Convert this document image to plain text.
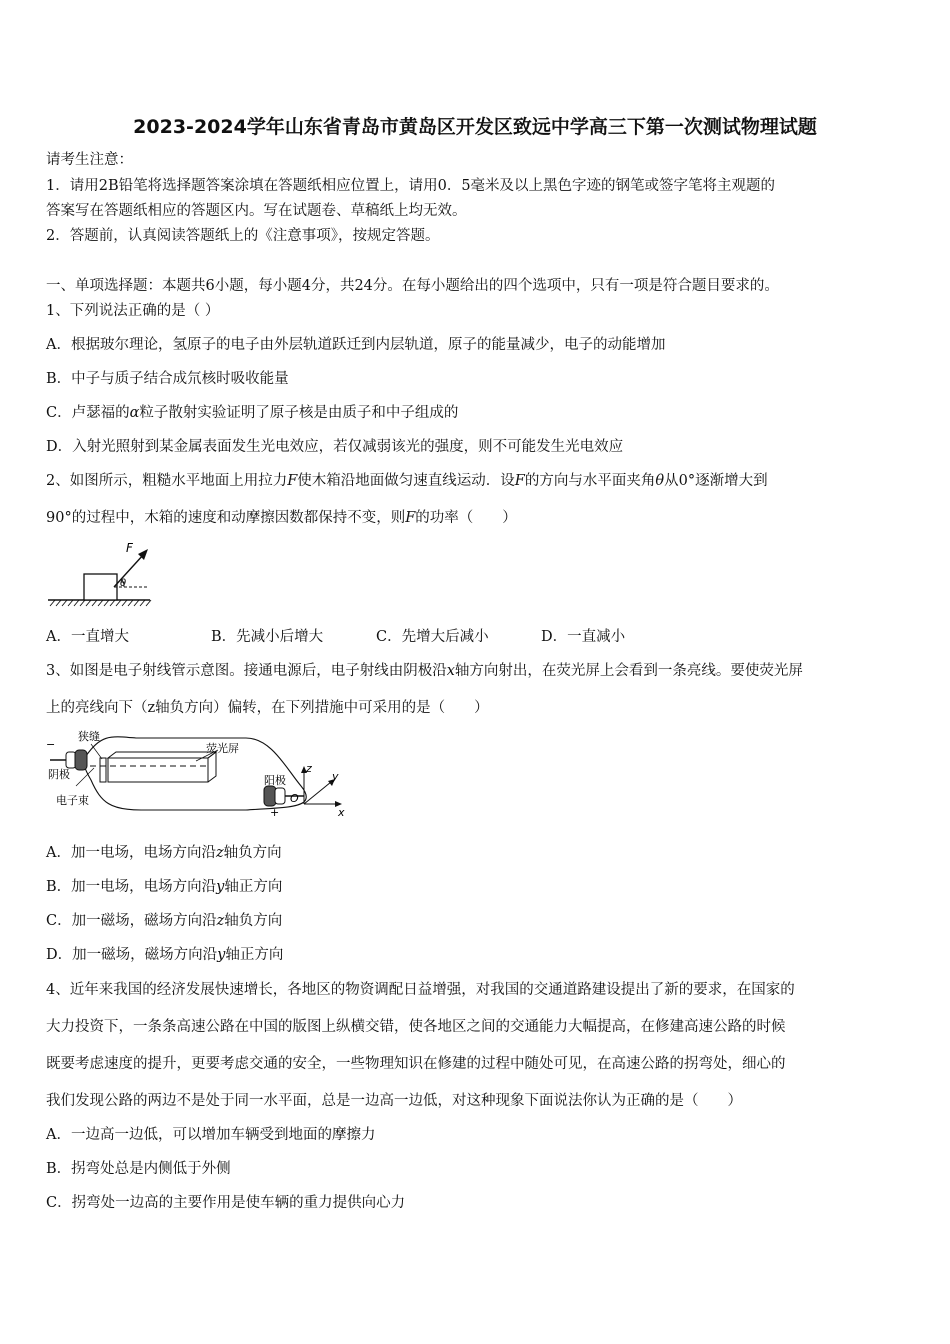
2023-2024学年山东省青岛市黄岛区开发区致远中学高三下第一次测试物理试题
请考生注意：
1．请用2B铅笔将选择题答案涂填在答题纸相应位置上，请用0．5毫米及以上黑色字迹的钢笔或签字笔将主观题的
答案写在答题纸相应的答题区内。写在试题卷、草稿纸上均无效。
2．答题前，认真阅读答题纸上的《注意事项》，按规定答题。
一、单项选择题：本题共6小题，每小题4分，共24分。在每小题给出的四个选项中，只有一项是符合题目要求的。
1、下列说法正确的是（ ）
A．根据玻尔理论，氢原子的电子由外层轨道跃迁到内层轨道，原子的能量减少，电子的动能增加
B．中子与质子结合成氘核时吸收能量
C．卢瑟福的α粒子散射实验证明了原子核是由质子和中子组成的
D．入射光照射到某金属表面发生光电效应，若仅减弱该光的强度，则不可能发生光电效应
2、如图所示，粗糙水平地面上用拉力F使木箱沿地面做匀速直线运动．设F的方向与水平面夹角θ从0°逐渐增大到
90°的过程中，木箱的速度和动摩擦因数都保持不变，则F的功率（　　）
F
θ
A．一直增大	B．先减小后增大	C．先增大后减小	D．一直减小
3、如图是电子射线管示意图。接通电源后，电子射线由阴极沿x轴方向射出，在荧光屏上会看到一条亮线。要使荧光屏
上的亮线向下（z轴负方向）偏转，在下列措施中可采用的是（　　）
−
狭缝
荧光屏
阴极
电子束
阳极
+
z
y
O
x
A．加一电场，电场方向沿z轴负方向
B．加一电场，电场方向沿y轴正方向
C．加一磁场，磁场方向沿z轴负方向
D．加一磁场，磁场方向沿y轴正方向
4、近年来我国的经济发展快速增长，各地区的物资调配日益增强，对我国的交通道路建设提出了新的要求，在国家的
大力投资下，一条条高速公路在中国的版图上纵横交错，使各地区之间的交通能力大幅提高，在修建高速公路的时候
既要考虑速度的提升，更要考虑交通的安全，一些物理知识在修建的过程中随处可见，在高速公路的拐弯处，细心的
我们发现公路的两边不是处于同一水平面，总是一边高一边低，对这种现象下面说法你认为正确的是（　　）
A．一边高一边低，可以增加车辆受到地面的摩擦力
B．拐弯处总是内侧低于外侧
C．拐弯处一边高的主要作用是使车辆的重力提供向心力
